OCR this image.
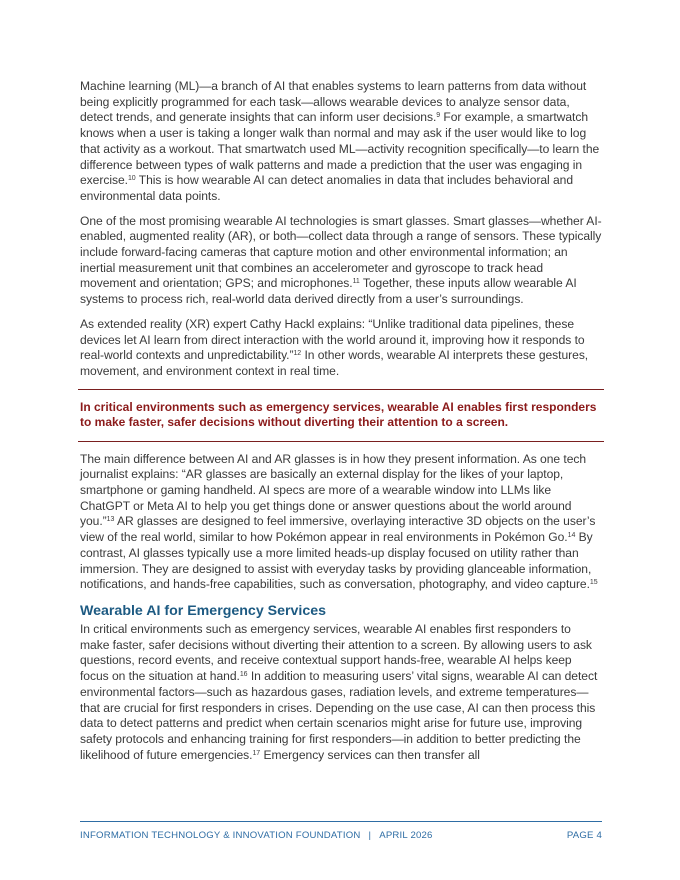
Machine learning (ML)—a branch of AI that enables systems to learn patterns from data without being explicitly programmed for each task—allows wearable devices to analyze sensor data, detect trends, and generate insights that can inform user decisions.$^9$ For example, a smartwatch knows when a user is taking a longer walk than normal and may ask if the user would like to log that activity as a workout. That smartwatch used ML—activity recognition specifically—to learn the difference between types of walk patterns and made a prediction that the user was engaging in exercise.$^{10}$ This is how wearable AI can detect anomalies in data that includes behavioral and environmental data points.

One of the most promising wearable AI technologies is smart glasses. Smart glasses—whether AI-enabled, augmented reality (AR), or both—collect data through a range of sensors. These typically include forward-facing cameras that capture motion and other environmental information; an inertial measurement unit that combines an accelerometer and gyroscope to track head movement and orientation; GPS; and microphones.$^{11}$ Together, these inputs allow wearable AI systems to process rich, real-world data derived directly from a user’s surroundings.

As extended reality (XR) expert Cathy Hackl explains: “Unlike traditional data pipelines, these devices let AI learn from direct interaction with the world around it, improving how it responds to real-world contexts and unpredictability.”$^{12}$ In other words, wearable AI interprets these gestures, movement, and environment context in real time.

In critical environments such as emergency services, wearable AI enables first responders to make faster, safer decisions without diverting their attention to a screen.

The main difference between AI and AR glasses is in how they present information. As one tech journalist explains: “AR glasses are basically an external display for the likes of your laptop, smartphone or gaming handheld. AI specs are more of a wearable window into LLMs like ChatGPT or Meta AI to help you get things done or answer questions about the world around you.”$^{13}$ AR glasses are designed to feel immersive, overlaying interactive 3D objects on the user’s view of the real world, similar to how Pokémon appear in real environments in Pokémon Go.$^{14}$ By contrast, AI glasses typically use a more limited heads-up display focused on utility rather than immersion. They are designed to assist with everyday tasks by providing glanceable information, notifications, and hands-free capabilities, such as conversation, photography, and video capture.$^{15}$

Wearable AI for Emergency Services

In critical environments such as emergency services, wearable AI enables first responders to make faster, safer decisions without diverting their attention to a screen. By allowing users to ask questions, record events, and receive contextual support hands-free, wearable AI helps keep focus on the situation at hand.$^{16}$ In addition to measuring users’ vital signs, wearable AI can detect environmental factors—such as hazardous gases, radiation levels, and extreme temperatures—that are crucial for first responders in crises. Depending on the use case, AI can then process this data to detect patterns and predict when certain scenarios might arise for future use, improving safety protocols and enhancing training for first responders—in addition to better predicting the likelihood of future emergencies.$^{17}$ Emergency services can then transfer all

INFORMATION TECHNOLOGY & INNOVATION FOUNDATION | APRIL 2026	PAGE 4
